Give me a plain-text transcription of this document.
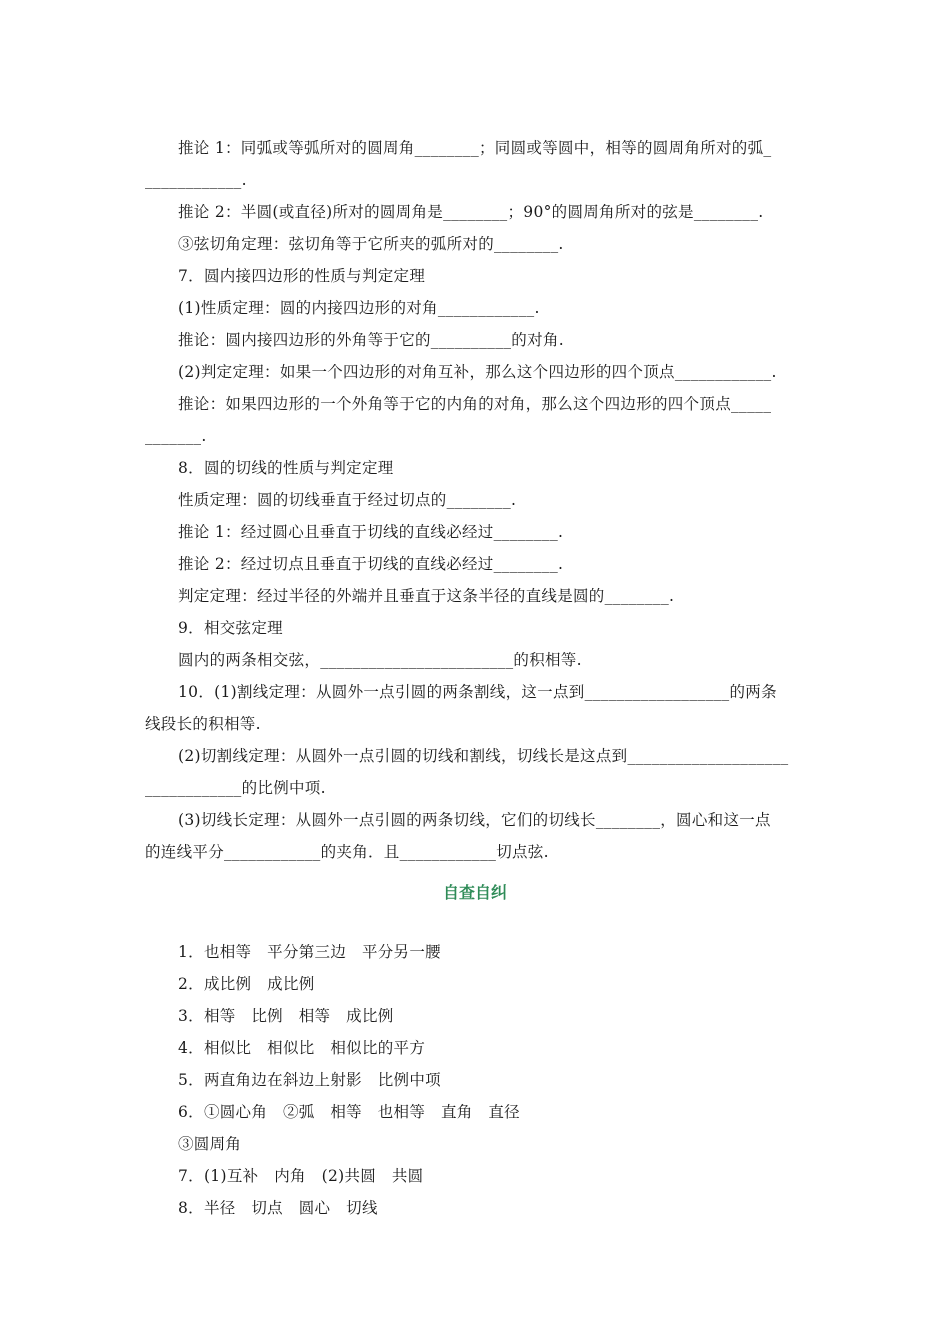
推论 1：同弧或等弧所对的圆周角________；同圆或等圆中，相等的圆周角所对的弧_
____________.
推论 2：半圆(或直径)所对的圆周角是________；90°的圆周角所对的弦是________.
③弦切角定理：弦切角等于它所夹的弧所对的________.
7．圆内接四边形的性质与判定定理
(1)性质定理：圆的内接四边形的对角____________.
推论：圆内接四边形的外角等于它的__________的对角.
(2)判定定理：如果一个四边形的对角互补，那么这个四边形的四个顶点____________.
推论：如果四边形的一个外角等于它的内角的对角，那么这个四边形的四个顶点_____
_______.
8．圆的切线的性质与判定定理
性质定理：圆的切线垂直于经过切点的________.
推论 1：经过圆心且垂直于切线的直线必经过________.
推论 2：经过切点且垂直于切线的直线必经过________.
判定定理：经过半径的外端并且垂直于这条半径的直线是圆的________.
9．相交弦定理
圆内的两条相交弦，________________________的积相等.
10．(1)割线定理：从圆外一点引圆的两条割线，这一点到__________________的两条
线段长的积相等.
(2)切割线定理：从圆外一点引圆的切线和割线，切线长是这点到____________________
____________的比例中项.
(3)切线长定理：从圆外一点引圆的两条切线，它们的切线长________，圆心和这一点
的连线平分____________的夹角．且____________切点弦.
自查自纠
1．也相等　平分第三边　平分另一腰
2．成比例　成比例
3．相等　比例　相等　成比例
4．相似比　相似比　相似比的平方
5．两直角边在斜边上射影　比例中项
6．①圆心角　②弧　相等　也相等　直角　直径
③圆周角
7．(1)互补　内角　(2)共圆　共圆
8．半径　切点　圆心　切线
